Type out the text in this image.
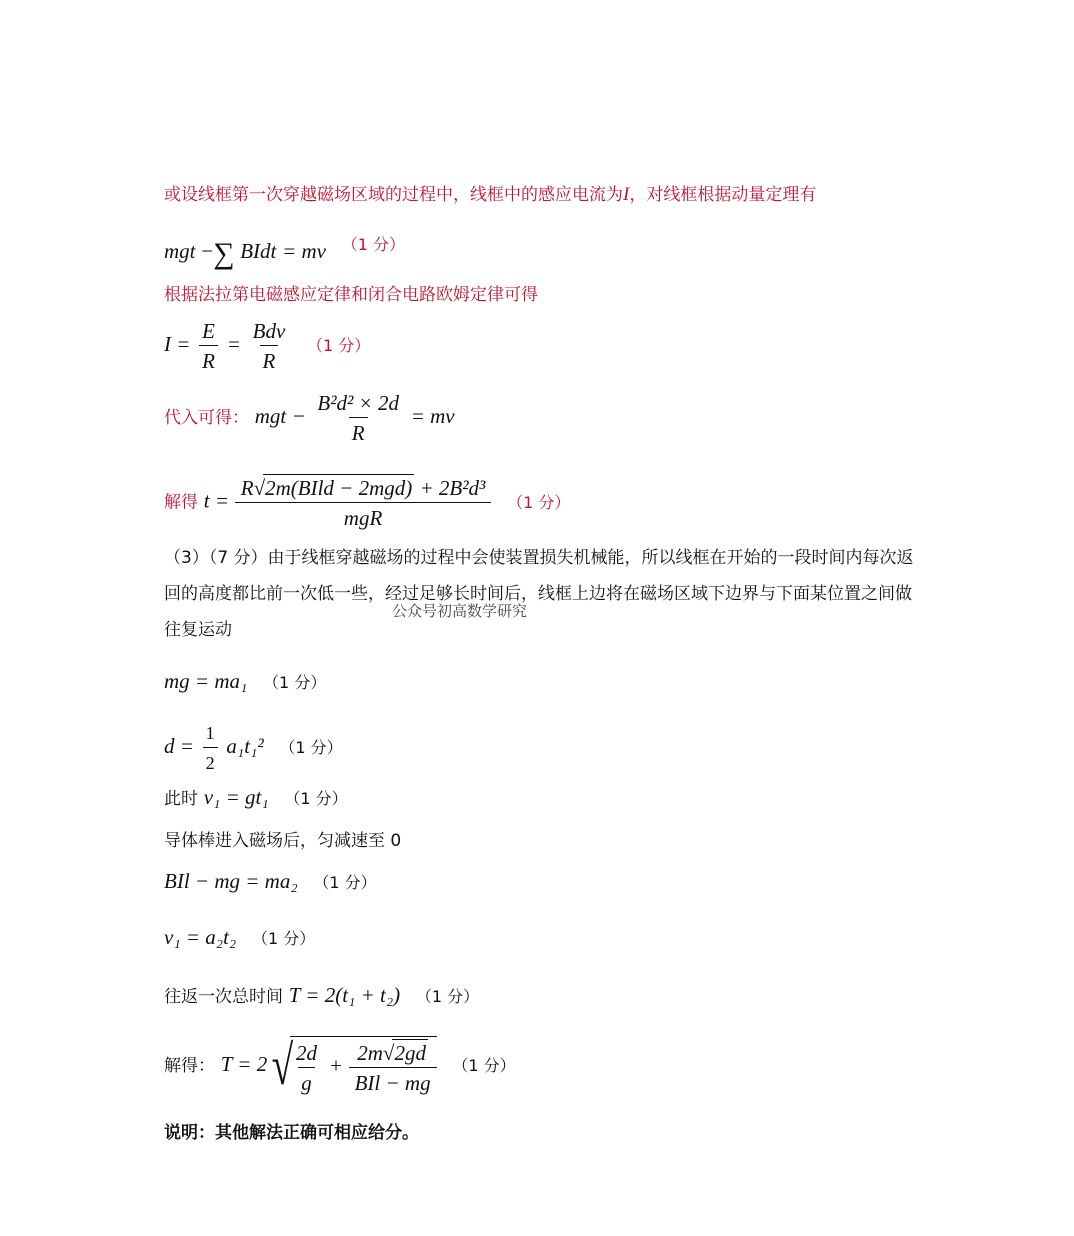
或设线框第一次穿越磁场区域的过程中，线框中的感应电流为I，对线框根据动量定理有
mgt −∑ BIdt = mv （1 分）
根据法拉第电磁感应定律和闭合电路欧姆定律可得
$I = \frac{E}{R} = \frac{\text{Bdv}}{R} (1$ 分）
代入可得： mgt − $\frac{\text{B²d² × 2d}}{R}$ = mv
解得 $t = \frac{\text{R√2m(BIld − 2mgd) + 2B²d³}}{\text{mgR}} (1$ 分）
（3）（7 分）由于线框穿越磁场的过程中会使装置损失机械能，所以线框在开始的一段时间内每次返回的高度都比前一次低一些，经过足够长时间后，线框上边将在磁场区域下边界与下面某位置之间做往复运动
公众号初高数学研究
mg = ma₁ （1 分）
$d = \frac{1}{2} a_1t_1^2$ （1 分）
此时 v₁ = gt₁ （1 分）
导体棒进入磁场后，匀减速至 0
BIl − mg = ma₂ （1 分）
v₁ = a₂t₂ （1 分）
往返一次总时间 T = 2(t₁ + t₂) （1 分）
解得： $T = 2√ \frac{2d}{g} + \frac{2m√2gd}{\text{BIl − mg}} (1$ 分）
说明：其他解法正确可相应给分。
